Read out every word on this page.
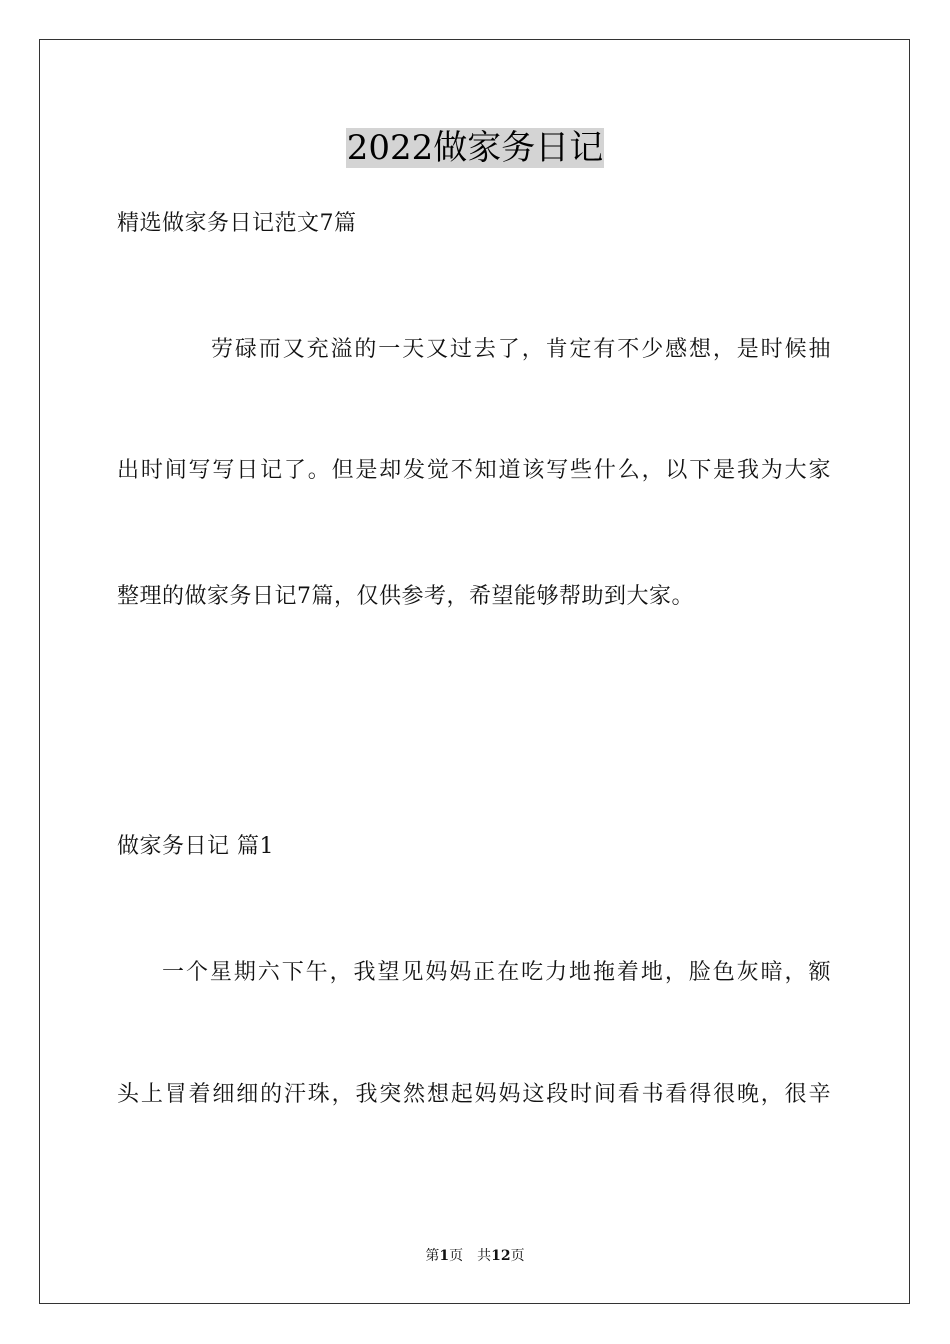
2022做家务日记
精选做家务日记范文7篇
劳碌而又充溢的一天又过去了，肯定有不少感想，是时候抽
出时间写写日记了。但是却发觉不知道该写些什么，以下是我为大家
整理的做家务日记7篇，仅供参考，希望能够帮助到大家。
做家务日记 篇1
一个星期六下午，我望见妈妈正在吃力地拖着地，脸色灰暗，额
头上冒着细细的汗珠，我突然想起妈妈这段时间看书看得很晚，很辛
第1页 共12页
